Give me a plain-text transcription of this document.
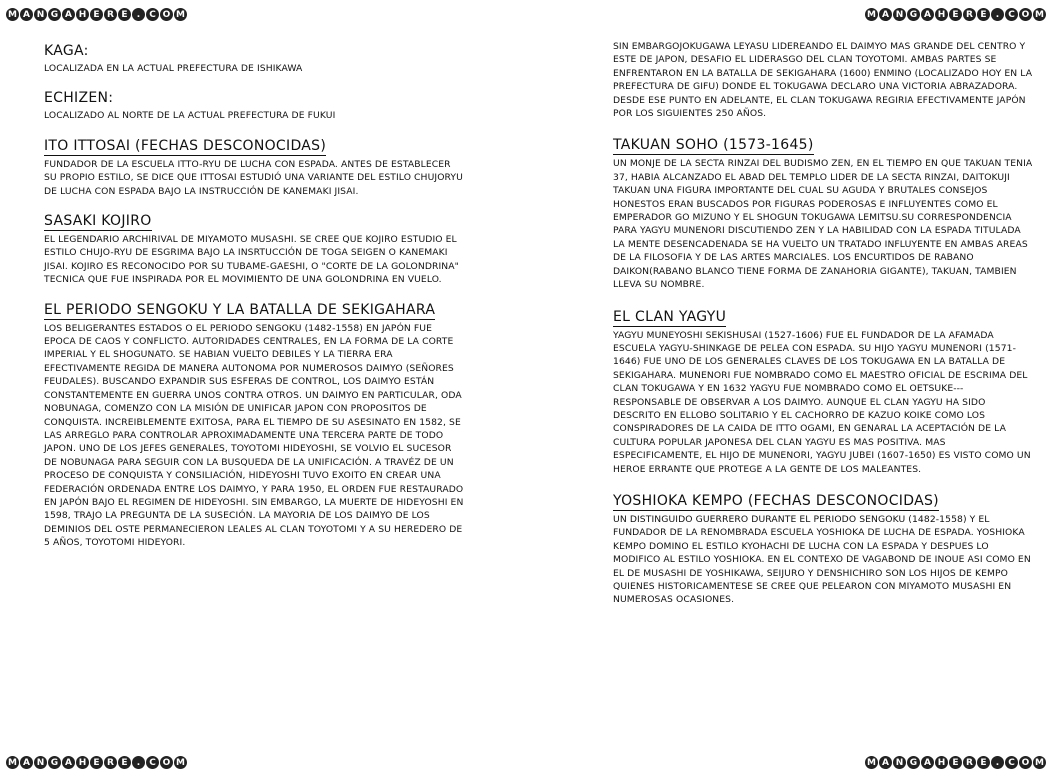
M A N G A H E R E	. C O M
M A N G A H E R E	. C O M
KAGA:

LOCALIZADA EN LA ACTUAL PREFECTURA DE ISHIKAWA

ECHIZEN:

LOCALIZADO AL NORTE DE LA ACTUAL PREFECTURA DE FUKUI

ITO ITTOSAI (FECHAS DESCONOCIDAS)

FUNDADOR DE LA ESCUELA ITTO-RYU DE LUCHA CON ESPADA. ANTES DE ESTABLECER SU PROPIO ESTILO, SE DICE QUE ITTOSAI ESTUDIÓ UNA VARIANTE DEL ESTILO CHUJORYU DE LUCHA CON ESPADA BAJO LA INSTRUCCIÓN DE KANEMAKI JISAI.

SASAKI KOJIRO

EL LEGENDARIO ARCHIRIVAL DE MIYAMOTO MUSASHI. SE CREE QUE KOJIRO ESTUDIO EL ESTILO CHUJO-RYU DE ESGRIMA BAJO LA INSRTUCCIÓN DE TOGA SEIGEN O KANEMAKI JISAI. KOJIRO ES RECONOCIDO POR SU TUBAME-GAESHI, O "CORTE DE LA GOLONDRINA" TECNICA QUE FUE INSPIRADA POR EL MOVIMIENTO DE UNA GOLONDRINA EN VUELO.

EL PERIODO SENGOKU Y LA BATALLA DE SEKIGAHARA

LOS BELIGERANTES ESTADOS O EL PERIODO SENGOKU (1482-1558) EN JAPÓN FUE EPOCA DE CAOS Y CONFLICTO. AUTORIDADES CENTRALES, EN LA FORMA DE LA CORTE IMPERIAL Y EL SHOGUNATO. SE HABIAN VUELTO DEBILES Y LA TIERRA ERA EFECTIVAMENTE REGIDA DE MANERA AUTONOMA POR NUMEROSOS DAIMYO (SEÑORES FEUDALES). BUSCANDO EXPANDIR SUS ESFERAS DE CONTROL, LOS DAIMYO ESTÁN CONSTANTEMENTE EN GUERRA UNOS CONTRA OTROS. UN DAIMYO EN PARTICULAR, ODA NOBUNAGA, COMENZO CON LA MISIÓN DE UNIFICAR JAPON CON PROPOSITOS DE CONQUISTA. INCREIBLEMENTE EXITOSA, PARA EL TIEMPO DE SU ASESINATO EN 1582, SE LAS ARREGLO PARA CONTROLAR APROXIMADAMENTE UNA TERCERA PARTE DE TODO JAPON. UNO DE LOS JEFES GENERALES, TOYOTOMI HIDEYOSHI, SE VOLVIO EL SUCESOR DE NOBUNAGA PARA SEGUIR CON LA BUSQUEDA DE LA UNIFICACIÓN. A TRAVÉZ DE UN PROCESO DE CONQUISTA Y CONSILIACIÓN, HIDEYOSHI TUVO EXOITO EN CREAR UNA FEDERACIÓN ORDENADA ENTRE LOS DAIMYO, Y PARA 1950, EL ORDEN FUE RESTAURADO EN JAPÓN BAJO EL REGIMEN DE HIDEYOSHI. SIN EMBARGO, LA MUERTE DE HIDEYOSHI EN 1598, TRAJO LA PREGUNTA DE LA SUSECIÓN. LA MAYORIA DE LOS DAIMYO DE LOS DEMINIOS DEL OSTE PERMANECIERON LEALES AL CLAN TOYOTOMI Y A SU HEREDERO DE 5 AÑOS, TOYOTOMI HIDEYORI.

M A N G A H E R E	. C O M
M A N G A H E R E	. C O M

SIN EMBARGOJOKUGAWA LEYASU LIDEREANDO EL DAIMYO MAS GRANDE DEL CENTRO Y ESTE DE JAPON, DESAFIO EL LIDERASGO DEL CLAN TOYOTOMI. AMBAS PARTES SE ENFRENTARON EN LA BATALLA DE SEKIGAHARA (1600) ENMINO (LOCALIZADO HOY EN LA PREFECTURA DE GIFU) DONDE EL TOKUGAWA DECLARO UNA VICTORIA ABRAZADORA. DESDE ESE PUNTO EN ADELANTE, EL CLAN TOKUGAWA REGIRIA EFECTIVAMENTE JAPÓN POR LOS SIGUIENTES 250 AÑOS.

TAKUAN SOHO (1573-1645)

UN MONJE DE LA SECTA RINZAI DEL BUDISMO ZEN, EN EL TIEMPO EN QUE TAKUAN TENIA 37, HABIA ALCANZADO EL ABAD DEL TEMPLO LIDER DE LA SECTA RINZAI, DAITOKUJI TAKUAN UNA FIGURA IMPORTANTE DEL CUAL SU AGUDA Y BRUTALES CONSEJOS HONESTOS ERAN BUSCADOS POR FIGURAS PODEROSAS E INFLUYENTES COMO EL EMPERADOR GO MIZUNO Y EL SHOGUN TOKUGAWA LEMITSU.SU CORRESPONDENCIA PARA YAGYU MUNENORI DISCUTIENDO ZEN Y LA HABILIDAD CON LA ESPADA TITULADA LA MENTE DESENCADENADA SE HA VUELTO UN TRATADO INFLUYENTE EN AMBAS AREAS DE LA FILOSOFIA Y DE LAS ARTES MARCIALES. LOS ENCURTIDOS DE RABANO DAIKON(RABANO BLANCO TIENE FORMA DE ZANAHORIA GIGANTE), TAKUAN, TAMBIEN LLEVA SU NOMBRE.

EL CLAN YAGYU

YAGYU MUNEYOSHI SEKISHUSAI (1527-1606) FUE EL FUNDADOR DE LA AFAMADA ESCUELA YAGYU-SHINKAGE DE PELEA CON ESPADA. SU HIJO YAGYU MUNENORI (1571-1646) FUE UNO DE LOS GENERALES CLAVES DE LOS TOKUGAWA EN LA BATALLA DE SEKIGAHARA. MUNENORI FUE NOMBRADO COMO EL MAESTRO OFICIAL DE ESCRIMA DEL CLAN TOKUGAWA Y EN 1632 YAGYU FUE NOMBRADO COMO EL OETSUKE--- RESPONSABLE DE OBSERVAR A LOS DAIMYO. AUNQUE EL CLAN YAGYU HA SIDO DESCRITO EN ELLOBO SOLITARIO Y EL CACHORRO DE KAZUO KOIKE COMO LOS CONSPIRADORES DE LA CAIDA DE ITTO OGAMI, EN GENARAL LA ACEPTACIÓN DE LA CULTURA POPULAR JAPONESA DEL CLAN YAGYU ES MAS POSITIVA. MAS ESPECIFICAMENTE, EL HIJO DE MUNENORI, YAGYU JUBEI (1607-1650) ES VISTO COMO UN HEROE ERRANTE QUE PROTEGE A LA GENTE DE LOS MALEANTES.

YOSHIOKA KEMPO (FECHAS DESCONOCIDAS)

UN DISTINGUIDO GUERRERO DURANTE EL PERIODO SENGOKU (1482-1558) Y EL FUNDADOR DE LA RENOMBRADA ESCUELA YOSHIOKA DE LUCHA DE ESPADA. YOSHIOKA KEMPO DOMINO EL ESTILO KYOHACHI DE LUCHA CON LA ESPADA Y DESPUES LO MODIFICO AL ESTILO YOSHIOKA. EN EL CONTEXO DE VAGABOND DE INOUE ASI COMO EN EL DE MUSASHI DE YOSHIKAWA, SEIJURO Y DENSHICHIRO SON LOS HIJOS DE KEMPO QUIENES HISTORICAMENTESE SE CREE QUE PELEARON CON MIYAMOTO MUSASHI EN NUMEROSAS OCASIONES.
